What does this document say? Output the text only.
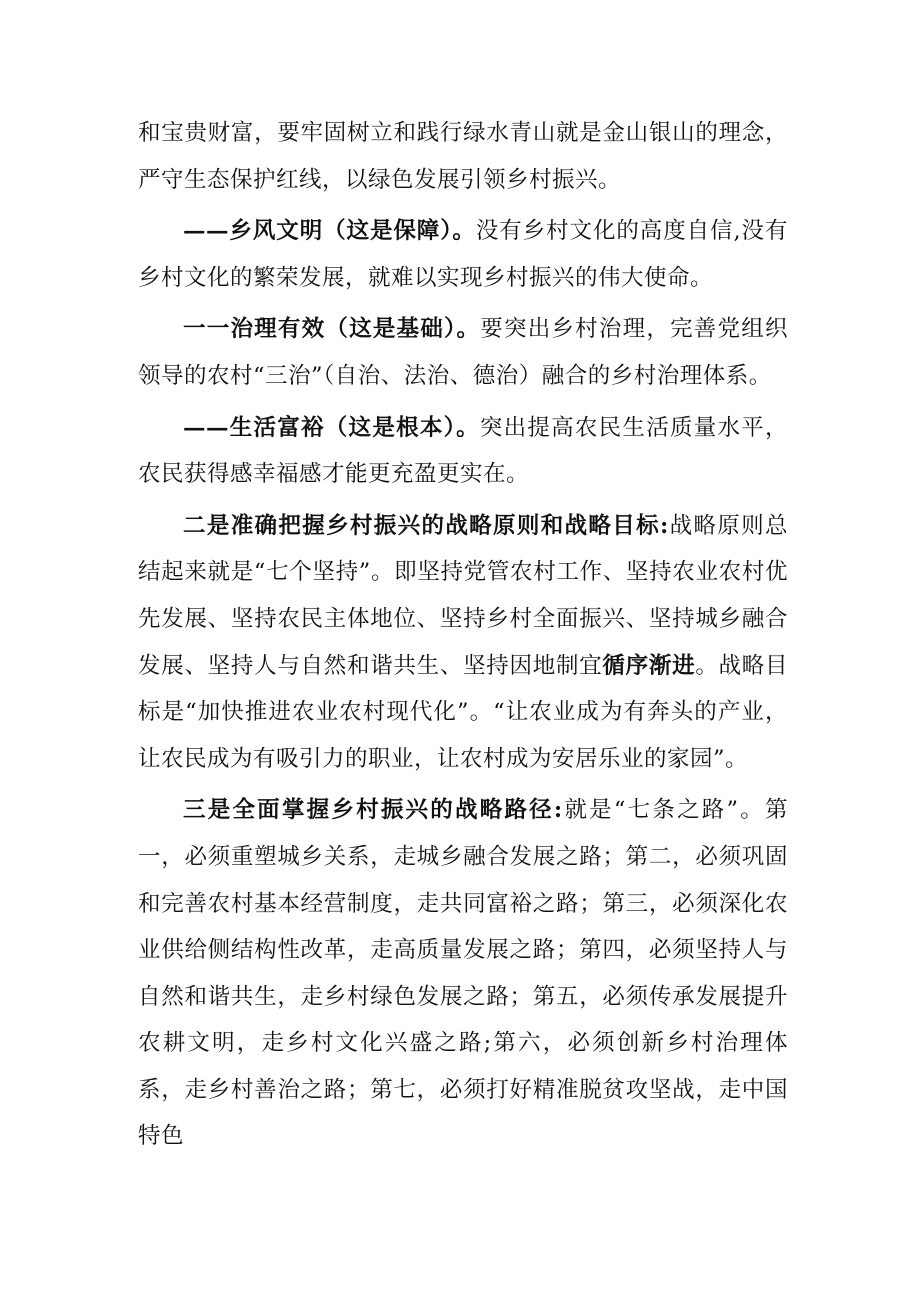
和宝贵财富，要牢固树立和践行绿水青山就是金山银山的理念，严守生态保护红线，以绿色发展引领乡村振兴。

——乡风文明（这是保障）。没有乡村文化的高度自信,没有乡村文化的繁荣发展，就难以实现乡村振兴的伟大使命。

一一治理有效（这是基础）。要突出乡村治理，完善党组织领导的农村“三治”（自治、法治、德治）融合的乡村治理体系。

——生活富裕（这是根本）。突出提高农民生活质量水平，农民获得感幸福感才能更充盈更实在。

二是准确把握乡村振兴的战略原则和战略目标:战略原则总结起来就是“七个坚持”。即坚持党管农村工作、坚持农业农村优先发展、坚持农民主体地位、坚持乡村全面振兴、坚持城乡融合发展、坚持人与自然和谐共生、坚持因地制宜循序渐进。战略目标是“加快推进农业农村现代化”。“让农业成为有奔头的产业，让农民成为有吸引力的职业，让农村成为安居乐业的家园”。

三是全面掌握乡村振兴的战略路径:就是“七条之路”。第一，必须重塑城乡关系，走城乡融合发展之路；第二，必须巩固和完善农村基本经营制度，走共同富裕之路；第三，必须深化农业供给侧结构性改革，走高质量发展之路；第四，必须坚持人与自然和谐共生，走乡村绿色发展之路；第五，必须传承发展提升农耕文明，走乡村文化兴盛之路;第六，必须创新乡村治理体系，走乡村善治之路；第七，必须打好精准脱贫攻坚战，走中国特色
